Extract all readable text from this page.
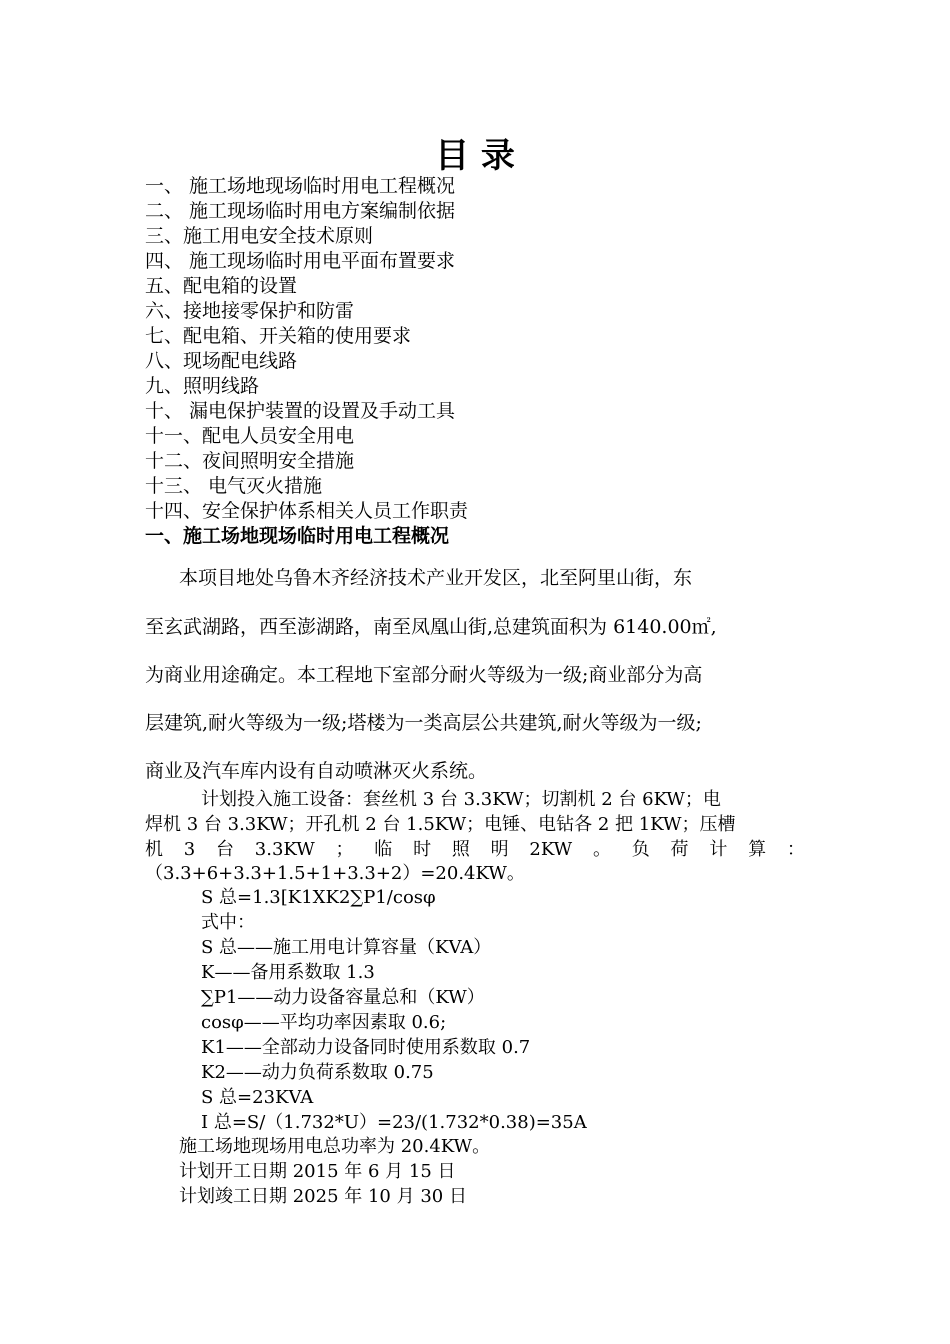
目 录
一、 施工场地现场临时用电工程概况
二、 施工现场临时用电方案编制依据
三、施工用电安全技术原则
四、 施工现场临时用电平面布置要求
五、配电箱的设置
六、接地接零保护和防雷
七、配电箱、开关箱的使用要求
八、现场配电线路
九、照明线路
十、 漏电保护装置的设置及手动工具
十一、配电人员安全用电
十二、夜间照明安全措施
十三、 电气灭火措施
十四、安全保护体系相关人员工作职责
一、施工场地现场临时用电工程概况
本项目地处乌鲁木齐经济技术产业开发区，北至阿里山街，东
至玄武湖路，西至澎湖路，南至凤凰山街,总建筑面积为 6140.00㎡,
为商业用途确定。本工程地下室部分耐火等级为一级;商业部分为高
层建筑,耐火等级为一级;塔楼为一类高层公共建筑,耐火等级为一级;
商业及汽车库内设有自动喷淋灭火系统。
计划投入施工设备：套丝机 3 台 3.3KW；切割机 2 台 6KW；电
焊机 3 台 3.3KW；开孔机 2 台 1.5KW；电锤、电钻各 2 把 1KW；压槽
机 3 台 3.3KW ； 临 时 照 明 2KW 。 负 荷 计 算 ：
（3.3+6+3.3+1.5+1+3.3+2）=20.4KW。
S 总=1.3[K1XK2∑P1/cosφ
式中：
S 总——施工用电计算容量（KVA）
K——备用系数取 1.3
∑P1——动力设备容量总和（KW）
cosφ——平均功率因素取 0.6;
K1——全部动力设备同时使用系数取 0.7
K2——动力负荷系数取 0.75
S 总=23KVA
I 总=S/（1.732*U）=23/(1.732*0.38)=35A
施工场地现场用电总功率为 20.4KW。
计划开工日期 2015 年 6 月 15 日
计划竣工日期 2025 年 10 月 30 日
